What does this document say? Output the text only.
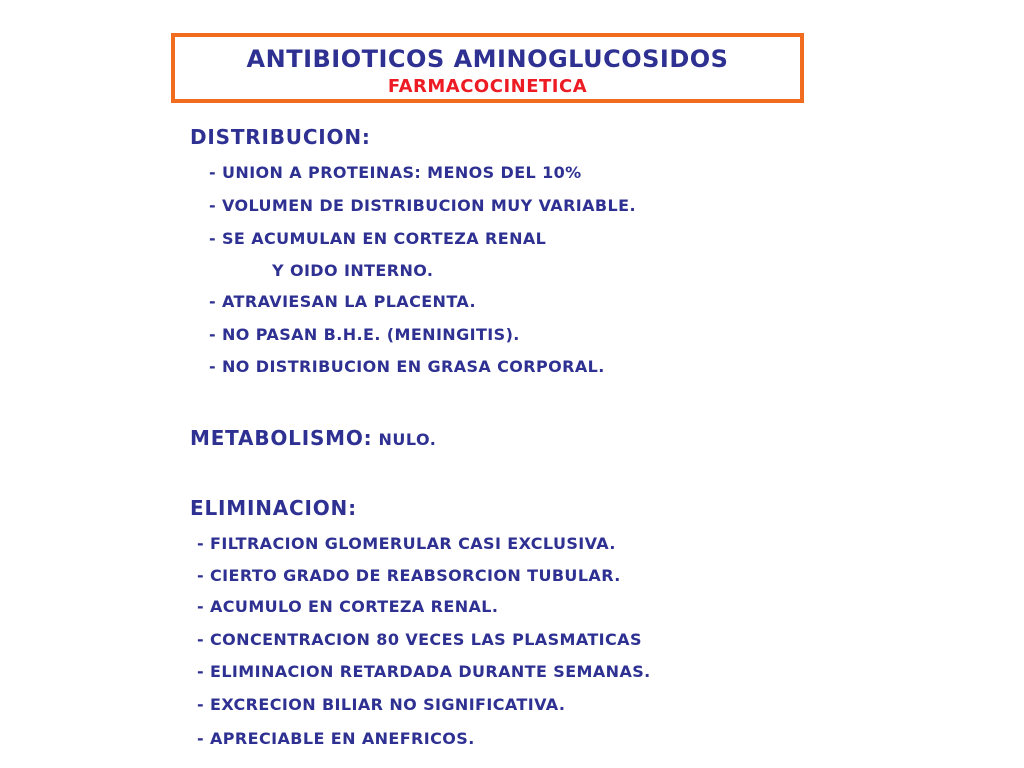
ANTIBIOTICOS AMINOGLUCOSIDOS
FARMACOCINETICA
DISTRIBUCION:
- UNION A PROTEINAS: MENOS DEL 10%
- VOLUMEN DE DISTRIBUCION MUY VARIABLE.
- SE ACUMULAN EN CORTEZA RENAL
Y OIDO INTERNO.
- ATRAVIESAN LA PLACENTA.
- NO PASAN B.H.E. (MENINGITIS).
- NO DISTRIBUCION EN GRASA CORPORAL.
METABOLISMO: NULO.
ELIMINACION:
- FILTRACION GLOMERULAR CASI EXCLUSIVA.
- CIERTO GRADO DE REABSORCION TUBULAR.
- ACUMULO EN CORTEZA RENAL.
- CONCENTRACION 80 VECES LAS PLASMATICAS
- ELIMINACION RETARDADA DURANTE SEMANAS.
- EXCRECION BILIAR NO SIGNIFICATIVA.
- APRECIABLE EN ANEFRICOS.
